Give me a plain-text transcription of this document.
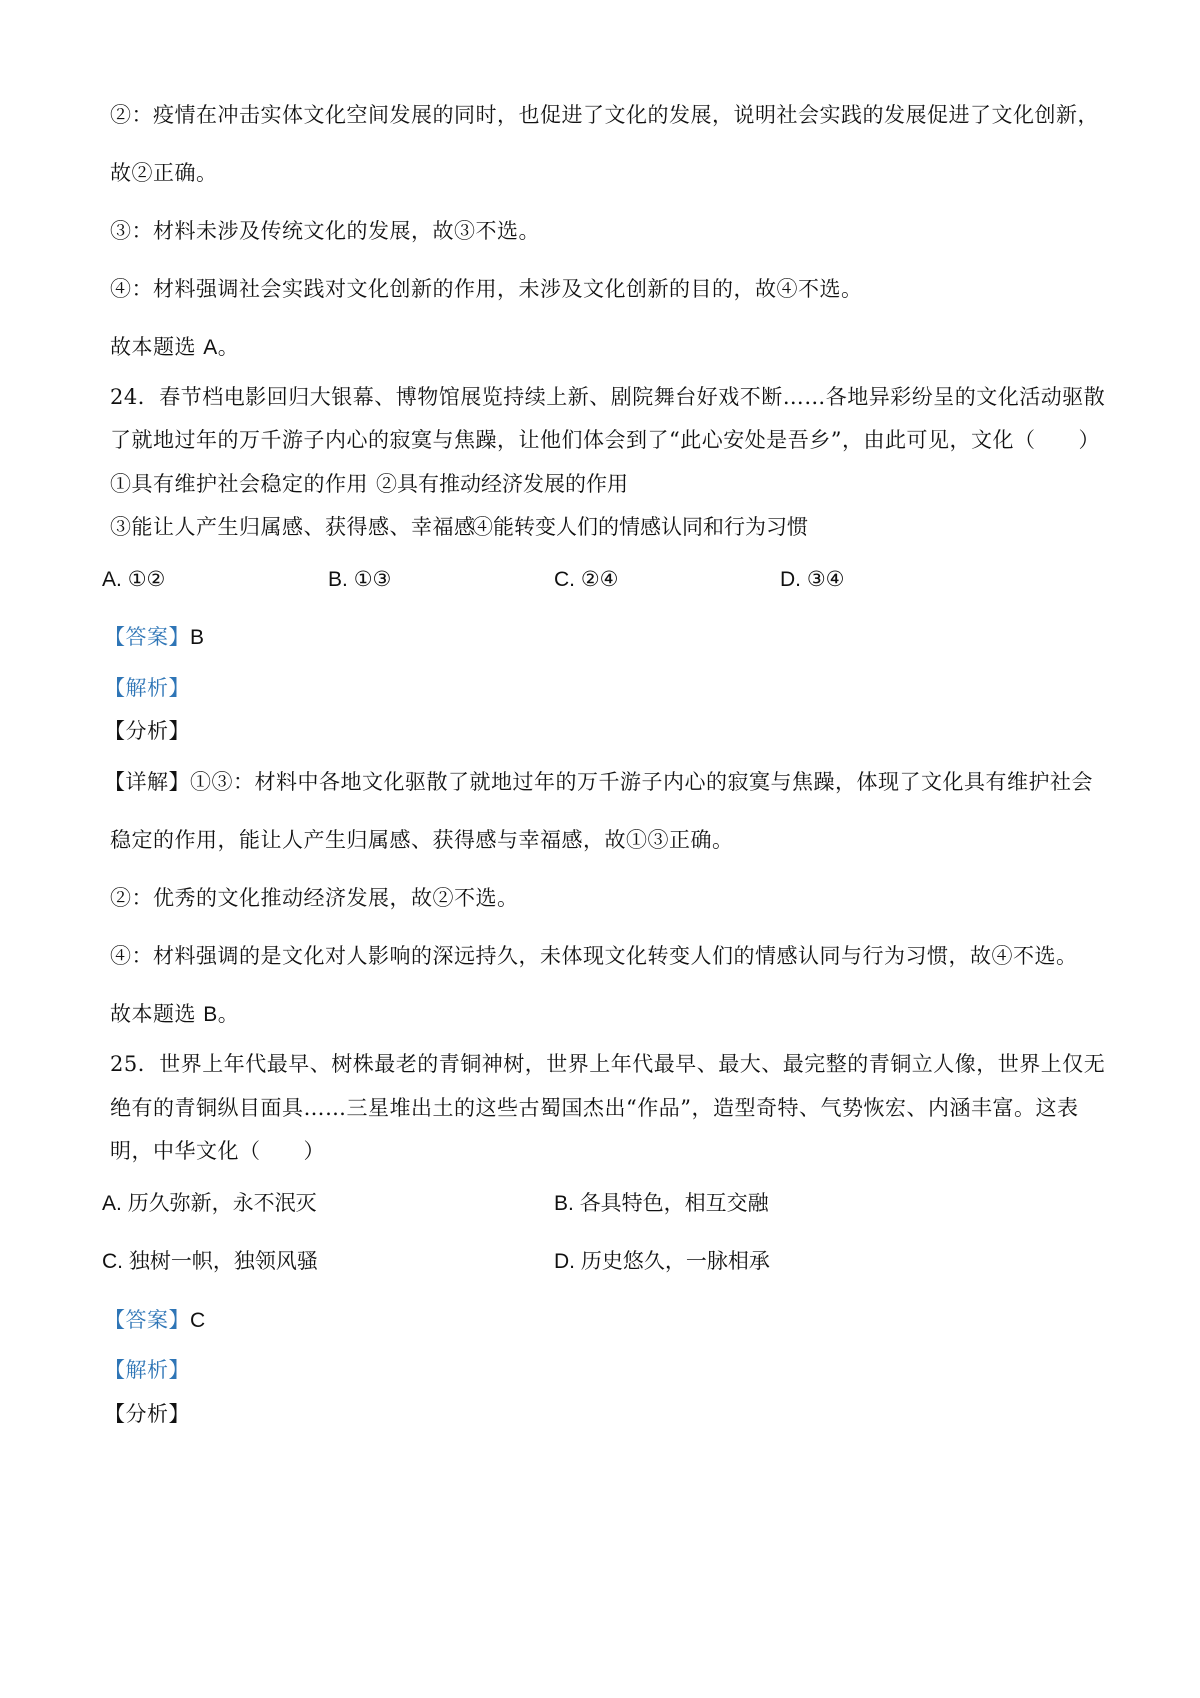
②：疫情在冲击实体文化空间发展的同时，也促进了文化的发展，说明社会实践的发展促进了文化创新，
故②正确。
③：材料未涉及传统文化的发展，故③不选。
④：材料强调社会实践对文化创新的作用，未涉及文化创新的目的，故④不选。
故本题选 A。
24．春节档电影回归大银幕、博物馆展览持续上新、剧院舞台好戏不断……各地异彩纷呈的文化活动驱散
了就地过年的万千游子内心的寂寞与焦躁，让他们体会到了“此心安处是吾乡”，由此可见，文化（　　）
①具有维护社会稳定的作用 ②具有推动经济发展的作用
③能让人产生归属感、获得感、幸福感
④能转变人们的情感认同和行为习惯
A. ①②	B. ①③	C. ②④	D. ③④
【答案】B
【解析】
【分析】
【详解】①③：材料中各地文化驱散了就地过年的万千游子内心的寂寞与焦躁，体现了文化具有维护社会
稳定的作用，能让人产生归属感、获得感与幸福感，故①③正确。
②：优秀的文化推动经济发展，故②不选。
④：材料强调的是文化对人影响的深远持久，未体现文化转变人们的情感认同与行为习惯，故④不选。
故本题选 B。
25．世界上年代最早、树株最老的青铜神树，世界上年代最早、最大、最完整的青铜立人像，世界上仅无
绝有的青铜纵目面具……三星堆出土的这些古蜀国杰出“作品”，造型奇特、气势恢宏、内涵丰富。这表
明，中华文化（　　）
A. 历久弥新，永不泯灭	B. 各具特色，相互交融
C. 独树一帜，独领风骚	D. 历史悠久，一脉相承
【答案】C
【解析】
【分析】
